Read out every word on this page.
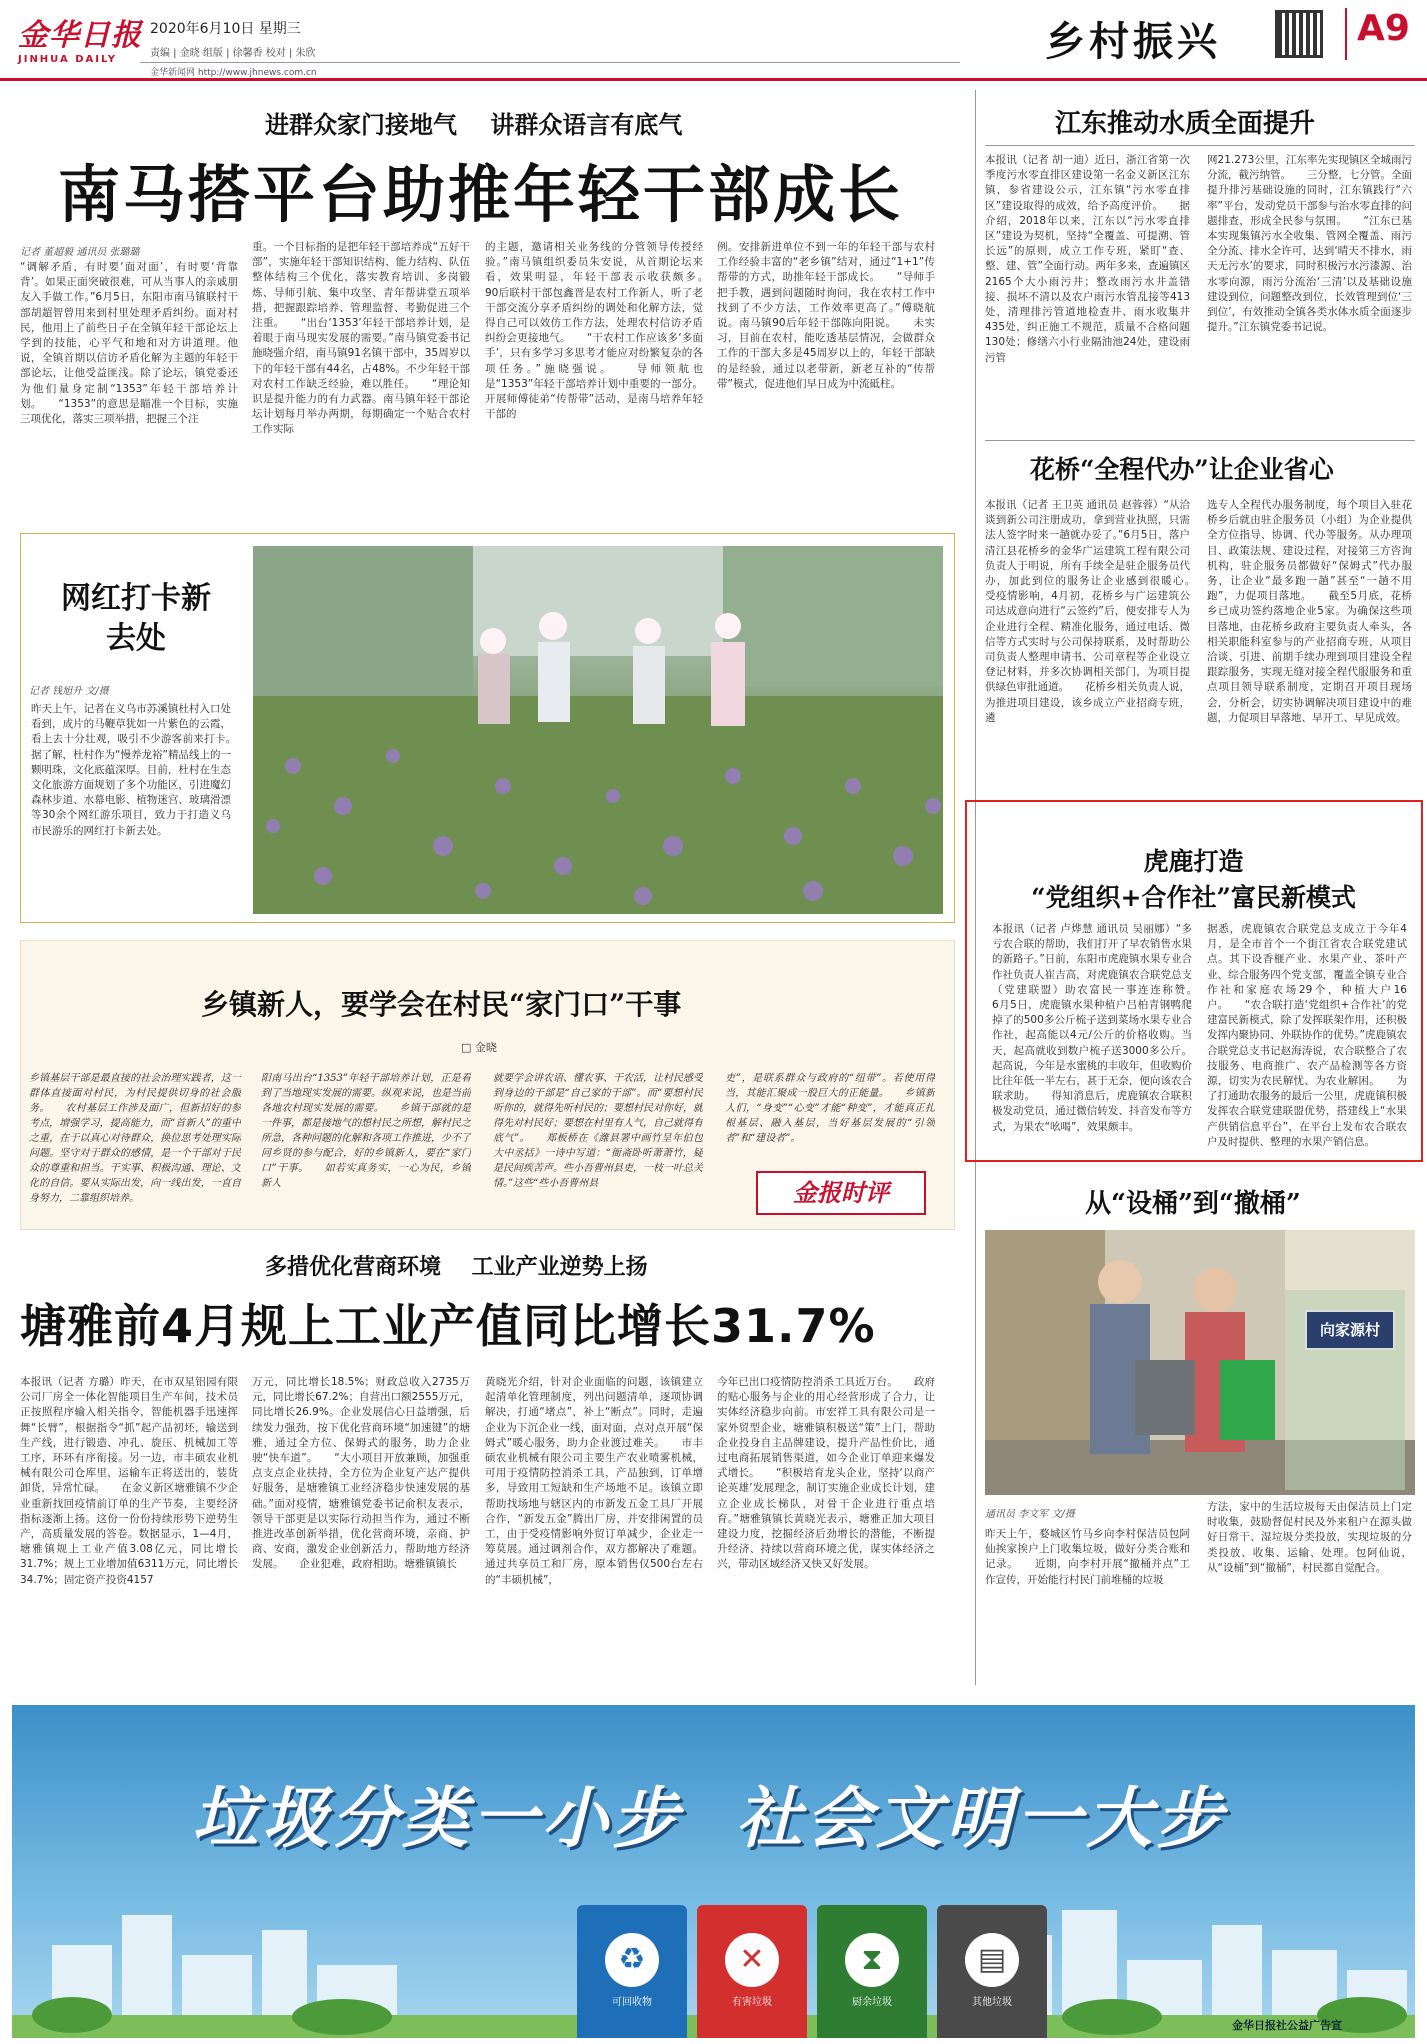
金华日报
JINHUA DAILY
2020年6月10日 星期三
责编 | 金晓 组版 | 徐馨香 校对 | 朱欣
金华新闻网 http://www.jhnews.com.cn
乡村振兴	A9
进群众家门接地气    讲群众语言有底气
南马搭平台助推年轻干部成长
记者 董超毅 通讯员 张璐璐
“调解矛盾，有时要‘面对面’，有时要‘背靠背’。如果正面突破很难，可从当事人的亲戚朋友入手做工作。”6月5日，东阳市南马镇联村干部胡超智曾用来到村里处理矛盾纠纷。面对村民，他用上了前些日子在全镇年轻干部论坛上学到的技能，心平气和地和对方讲道理。他说，全镇首期以信访矛盾化解为主题的年轻干部论坛，让他受益匪浅。除了论坛，镇党委还为他们量身定制“1353”年轻干部培养计划。　　“1353”的意思是瞄准一个目标，实施三项优化，落实三项举措，把握三个注
重。一个目标指的是把年轻干部培养成“五好干部”，实施年轻干部知识结构、能力结构、队伍整体结构三个优化，落实教育培训、多岗锻炼、导师引航、集中攻坚、青年帮讲堂五项举措，把握跟踪培养、管理监督、考勤促进三个注重。　　“出台‘1353’年轻干部培养计划，是着眼于南马现实发展的需要。”南马镇党委书记施晓强介绍，南马镇91名镇干部中，35周岁以下的年轻干部有44名，占48%。不少年轻干部对农村工作缺乏经验，难以胜任。　　“理论知识是提升能力的有力武器。南马镇年轻干部论坛计划每月举办两期，每期确定一个贴合农村工作实际
的主题，邀请相关业务线的分管领导传授经验。”南马镇组织委员朱安说，从首期论坛来看，效果明显，年轻干部表示收获颇多。　　90后联村干部包鑫晋是农村工作新人，听了老干部交流分享矛盾纠纷的调处和化解方法，觉得自己可以效仿工作方法，处理农村信访矛盾纠纷会更接地气。　　“干农村工作应该多‘多面手’，只有多学习多思考才能应对纷繁复杂的各项任务。”施晓强说。　　导师领航也是“1353”年轻干部培养计划中重要的一部分。开展师傅徒弟“传帮带”活动，是南马培养年轻干部的
例。安排新进单位不到一年的年轻干部与农村工作经验丰富的“老乡镇”结对，通过“1+1”传帮带的方式，助推年轻干部成长。　　“导师手把手教，遇到问题随时询问，我在农村工作中找到了不少方法，工作效率更高了。”傅晓航说。南马镇90后年轻干部陈向阳说。　　未实习，目前在农村，能吃透基层情况，会做群众工作的干部大多是45周岁以上的，年轻干部缺的是经验，通过以老带新，新老互补的“传帮带”模式，促进他们早日成为中流砥柱。
网红打卡新去处
记者 钱旭升 文/摄
昨天上午，记者在义乌市苏溪镇杜村入口处看到，成片的马鞭草犹如一片紫色的云霞，看上去十分壮观，吸引不少游客前来打卡。　　据了解，杜村作为“慢养龙裕”精品线上的一颗明珠，文化底蕴深厚。目前，杜村在生态文化旅游方面规划了多个功能区，引进魔幻森林步道、水幕电影、植物迷宫、玻璃滑漂等30余个网红游乐项目，致力于打造义乌市民游乐的网红打卡新去处。
乡镇新人，要学会在村民“家门口”干事
□ 金晓
乡镇基层干部是最直接的社会治理实践者，这一群体直接面对村民，为村民提供切身的社会服务。　　农村基层工作涉及面广，但新招好的参考点，增强学习，提高能力，而“首新人”的重中之重，在于以真心对待群众，换位思考处理实际问题。坚守对于群众的感情，是一个干部对于民众的尊重和担当。干实事、积极沟通、理论、文化的自信。要从实际出发，向一线出发，一直自身努力，二靠组织培养。
阳南马出台“1353”年轻干部培养计划，正是看到了当地现实发展的需要。纵观来说，也是当前各地农村现实发展的需要。　　乡镇干部就的是一件事，都是接地气的想村民之所想，解村民之所急，各种问题的化解和各项工作推进，少不了同乡贤的参与配合，好的乡镇新人，要在“家门口”干事。　　如若实真务实，一心为民，乡镇新人
就要学会讲农语、懂农事、干农活，让村民感受到身边的干部是“自己家的干部”。而“要想村民听你的，就得先听村民的；要想村民对你好，就得先对村民好；要想在村里有人气，自己就得有底气”。　　郑板桥在《潍县署中画竹呈年伯包大中丞括》一诗中写道：“衙斋卧听萧萧竹，疑是民间疾苦声。些小吾曹州县吏，一枝一叶总关情。”这些“些小吾曹州县
吏”，是联系群众与政府的“纽带”。若使用得当，其能汇聚成一股巨大的正能量。　　乡镇新人们，“身变”“心变”才能“种变”，才能真正扎根基层、融入基层，当好基层发展的“引领者”和“建设者”。
金报时评
多措优化营商环境    工业产业逆势上扬
塘雅前4月规上工业产值同比增长31.7%
本报讯（记者 方璐）昨天，在市双星铝园有限公司厂房全一体化智能项目生产车间，技术员正按照程序输入相关指令，智能机器手迅速挥舞“长臂”，根据指令“抓”起产品初坯，输送到生产线，进行锻造、冲孔、旋压、机械加工等工序，环环有序衔接。另一边，市丰硕农业机械有限公司仓库里，运输车正将送出的，装货卸货，异常忙碌。　　在金义新区塘雅镇不少企业重新找回疫情前订单的生产节奏，主要经济指标逐渐上扬。这份一份份持续形势下逆势生产，高质量发展的答卷。数据显示，1—4月，塘雅镇规上工业产值3.08亿元，同比增长31.7%；规上工业增加值6311万元，同比增长34.7%；固定资产投资4157
万元，同比增长18.5%；财政总收入2735万元，同比增长67.2%；自营出口额2555万元，同比增长26.9%。企业发展信心日益增强，后续发力强劲，按下优化营商环境“加速键”的塘雅，通过全方位、保姆式的服务，助力企业驶“快车道”。　　“大小项目开放兼顾，加强重点支点企业扶持，全方位为企业复产达产提供好服务，是塘雅镇工业经济稳步快速发展的基础。”面对疫情，塘雅镇党委书记俞积友表示，领导干部更是以实际行动担当作为，通过不断推进改革创新举措，优化营商环境，亲商、护商、安商，激发企业创新活力，帮助地方经济发展。　　企业犯难，政府相助。塘雅镇镇长
黄晓光介绍，针对企业面临的问题，该镇建立起清单化管理制度，列出问题清单，逐项协调解决，打通“堵点”，补上“断点”。同时，走遍企业为下沉企业一线，面对面，点对点开展“保姆式”暖心服务，助力企业渡过难关。　　市丰硕农业机械有限公司主要生产农业喷雾机械，可用于疫情防控消杀工具，产品独到，订单增多，导致用工短缺和生产场地不足。该镇立即帮助找场地与辖区内的市新发五金工具厂开展合作，“新发五金”腾出厂房，并安排闲置的员工，由于受疫情影响外贸订单减少，企业走一筹莫展。通过调剂合作，双方都解决了难题。通过共享员工和厂房，原本销售仅500台左右的“丰硕机械”，
今年已出口疫情防控消杀工具近万台。　　政府的贴心服务与企业的用心经营形成了合力，让实体经济稳步向前。市宏祥工具有限公司是一家外贸型企业，塘雅镇积极送“策”上门，帮助企业投身自主品牌建设，提升产品性价比，通过电商拓展销售渠道，如今企业订单迎来爆发式增长。　　“积极培育龙头企业，坚持‘以商产论英雄’发展理念，制订实施企业成长计划，建立企业成长梯队，对骨干企业进行重点培育。”塘雅镇镇长黄晓光表示，塘雅正加大项目建设力度，挖掘经济后劲增长的潜能，不断提升经济、持续以营商环境之优，谋实体经济之兴，带动区域经济又快又好发展。
江东推动水质全面提升
本报讯（记者 胡一迪）近日，浙江省第一次季度污水零直排区建设第一名金义新区江东镇，参省建设公示，江东镇“污水零直排区”建设取得的成效，给予高度评价。　　据介绍，2018年以来，江东以“污水零直排区”建设为契机，坚持“全覆盖、可提溯、管长远”的原则，成立工作专班，紧盯“查、整、建、管”全面行动。两年多来，查遍镇区2165个大小雨污井；整改雨污水井盖错接、损坏不清以及农户雨污水管乱接等413处，清理排污管道地检查井、雨水收集井435处，纠正施工不规范，质量不合格问题130处；修缮六小行业隔油池24处，建设雨污管
网21.273公里，江东率先实现镇区全城雨污分流，截污纳管。　　三分整，七分管。全面提升排污基础设施的同时，江东镇践行“六率”平台，发动党员干部参与治水零直排的问题排查，形成全民参与氛围。　　“江东已基本实现集镇污水全收集、管网全覆盖、雨污全分流、排水全许可，达到‘晴天不排水，雨天无污水’的要求，同时积极污水污漆源、治水零向源，雨污分流治‘三清’以及基础设施建设到位，问题整改到位，长效管理到位‘三到位’，有效推动全镇各类水体水质全面逐步提升。”江东镇党委书记说。
花桥“全程代办”让企业省心
本报讯（记者 王卫英 通讯员 赵蓉蓉）“从洽谈到新公司注册成功，拿到营业执照，只需法人签字时来一趟就办妥了。”6月5日，落户清江县花桥乡的金华广运建筑工程有限公司负责人于明说，所有手续全是驻企服务员代办，加此到位的服务让企业感到很暖心。　　受疫情影响，4月初，花桥乡与广运建筑公司达成意向进行“云签约”后，便安排专人为企业进行全程、精准化服务，通过电话、微信等方式实时与公司保持联系，及时帮助公司负责人整理申请书、公司章程等企业设立登记材料，并多次协调相关部门，为项目提供绿色审批通道。　　花桥乡相关负责人说，为推进项目建设，该乡成立产业招商专班，遴
选专人全程代办服务制度，每个项目入驻花桥乡后就由驻企服务员（小组）为企业提供全方位指导、协调、代办等服务。从办理项目、政策法规、建设过程，对接第三方咨询机构，驻企服务员都做好“保姆式”代办服务，让企业“最多跑一趟”甚至“一趟不用跑”，力促项目落地。　　截至5月底，花桥乡已成功签约落地企业5家。为确保这些项目落地，由花桥乡政府主要负责人牵头，各相关职能科室参与的产业招商专班，从项目洽谈、引进、前期手续办理到项目建设全程跟踪服务，实现无缝对接全程代服服务和重点项目领导联系制度，定期召开项目现场会，分析会，切实协调解决项目建设中的难题，力促项目早落地、早开工、早见成效。
虎鹿打造
“党组织+合作社”富民新模式
本报讯（记者 卢烨慧 通讯员 吴丽娜）“多亏农合联的帮助，我们打开了早农销售水果的新路子。”日前，东阳市虎鹿镇水果专业合作社负责人崔吉高，对虎鹿镇农合联党总支（党建联盟）助农富民一事连连称赞。　　6月5日，虎鹿镇水果种植户吕柏青钢鸭爬掉了的500多公斤梳子送到菜场水果专业合作社，起高能以4元/公斤的价格收购。当天，起高就收到数户梳子送3000多公斤。起高说，今年是水蜜桃的丰收年，但收购价比往年低一半左右，甚于无奈，便向该农合联求助。　　得知消息后，虎鹿镇农合联积极发动党员，通过微信转发、抖音发布等方式，为果农“吆喝”，效果颇丰。
据悉，虎鹿镇农合联党总支成立于今年4月，是全市首个一个街江省农合联党建试点。其下设香榧产业、水果产业、茶叶产业、综合服务四个党支部，覆盖全镇专业合作社和家庭农场29个，种植大户16户。　　“农合联打造‘党组织+合作社’的党建富民新模式，除了发挥联架作用，还积极发挥内聚协同、外联协作的优势。”虎鹿镇农合联党总支书记赵海涛说，农合联整合了农技服务、电商推广、农产品检测等各方资源，切实为农民解忧、为农业解困。　　为了打通助农服务的最后一公里，虎鹿镇积极发挥农合联党建联盟优势，搭建线上“水果产供销信息平台”，在平台上发布农合联农户及时提供、整理的水果产销信息。
从“设桶”到“撤桶”
向家源村
通讯员 李文军 文/摄
昨天上午，婺城区竹马乡向李村保洁员包阿仙挨家挨户上门收集垃圾，做好分类合账和记录。　　近期，向李村开展“撤桶并点”工作宣传，开始能行村民门前堆桶的垃圾
方法，家中的生活垃圾每天由保洁员上门定时收集，鼓励督促村民及外来租户在源头做好日常干、湿垃圾分类投放，实现垃圾的分类投放、收集、运输、处理。包阿仙说，从“设桶”到“撤桶”，村民都自觉配合。
垃圾分类一小步  社会文明一大步
♻
可回收物
✕
有害垃圾
⧗
厨余垃圾
▤
其他垃圾
金华日报社公益广告宣
